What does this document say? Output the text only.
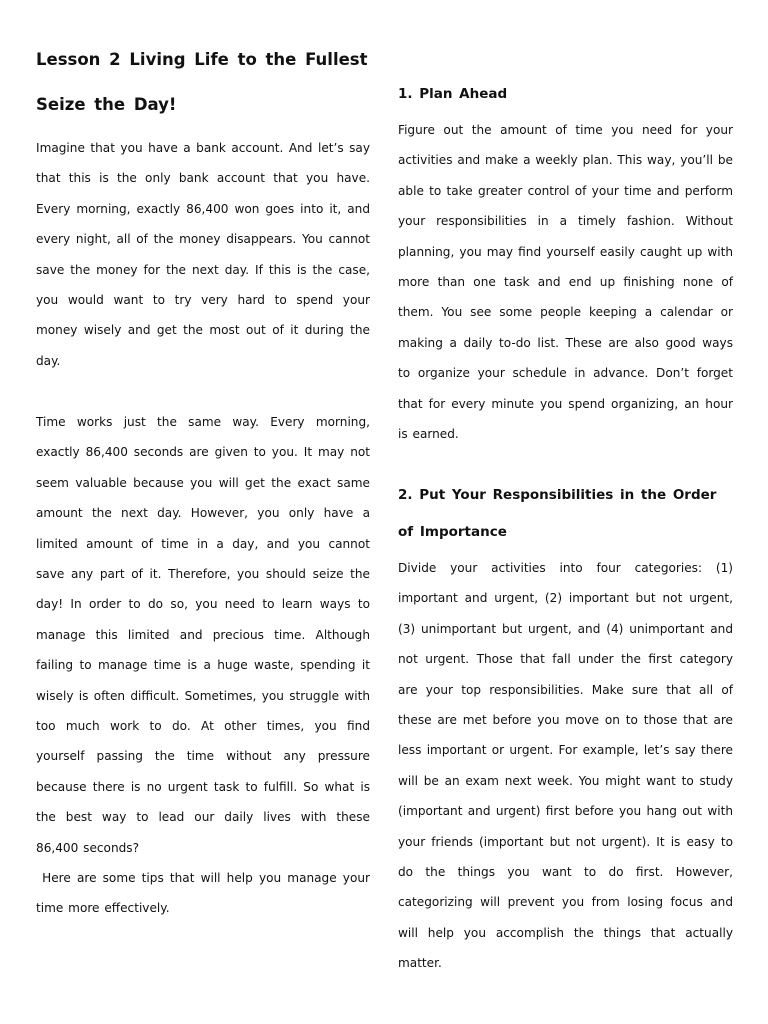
Lesson 2 Living Life to the Fullest
Seize the Day!

Imagine that you have a bank account. And let’s say that this is the only bank account that you have. Every morning, exactly 86,400 won goes into it, and every night, all of the money disappears. You cannot save the money for the next day. If this is the case, you would want to try very hard to spend your money wisely and get the most out of it during the day.

Time works just the same way. Every morning, exactly 86,400 seconds are given to you. It may not seem valuable because you will get the exact same amount the next day. However, you only have a limited amount of time in a day, and you cannot save any part of it. Therefore, you should seize the day! In order to do so, you need to learn ways to manage this limited and precious time. Although failing to manage time is a huge waste, spending it wisely is often difficult. Sometimes, you struggle with too much work to do. At other times, you find yourself passing the time without any pressure because there is no urgent task to fulfill. So what is the best way to lead our daily lives with these 86,400 seconds?

Here are some tips that will help you manage your time more effectively.

1. Plan Ahead

Figure out the amount of time you need for your activities and make a weekly plan. This way, you’ll be able to take greater control of your time and perform your responsibilities in a timely fashion. Without planning, you may find yourself easily caught up with more than one task and end up finishing none of them. You see some people keeping a calendar or making a daily to-do list. These are also good ways to organize your schedule in advance. Don’t forget that for every minute you spend organizing, an hour is earned.

2. Put Your Responsibilities in the Order of Importance

Divide your activities into four categories: (1) important and urgent, (2) important but not urgent, (3) unimportant but urgent, and (4) unimportant and not urgent. Those that fall under the first category are your top responsibilities. Make sure that all of these are met before you move on to those that are less important or urgent. For example, let’s say there will be an exam next week. You might want to study (important and urgent) first before you hang out with your friends (important but not urgent). It is easy to do the things you want to do first. However, categorizing will prevent you from losing focus and will help you accomplish the things that actually matter.
